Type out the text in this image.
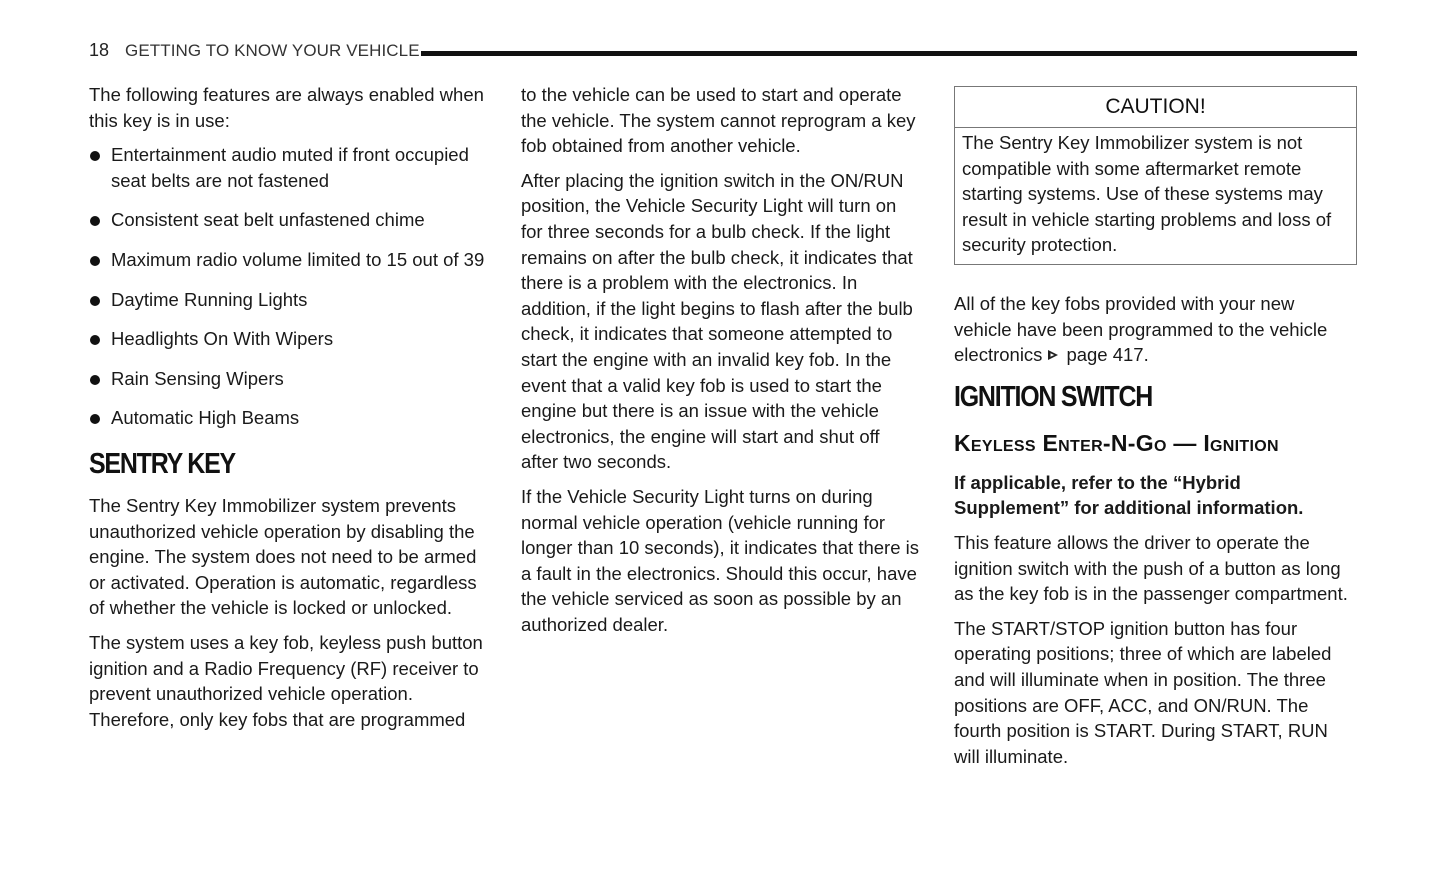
18 GETTING TO KNOW YOUR VEHICLE

The following features are always enabled when this key is in use:

Entertainment audio muted if front occupied seat belts are not fastened
Consistent seat belt unfastened chime
Maximum radio volume limited to 15 out of 39
Daytime Running Lights
Headlights On With Wipers
Rain Sensing Wipers
Automatic High Beams
SENTRY KEY

The Sentry Key Immobilizer system prevents unauthorized vehicle operation by disabling the engine. The system does not need to be armed or activated. Operation is automatic, regardless of whether the vehicle is locked or unlocked.

The system uses a key fob, keyless push button ignition and a Radio Frequency (RF) receiver to prevent unauthorized vehicle operation. Therefore, only key fobs that are programmed

to the vehicle can be used to start and operate the vehicle. The system cannot reprogram a key fob obtained from another vehicle.

After placing the ignition switch in the ON/RUN position, the Vehicle Security Light will turn on for three seconds for a bulb check. If the light remains on after the bulb check, it indicates that there is a problem with the electronics. In addition, if the light begins to flash after the bulb check, it indicates that someone attempted to start the engine with an invalid key fob. In the event that a valid key fob is used to start the engine but there is an issue with the vehicle electronics, the engine will start and shut off after two seconds.

If the Vehicle Security Light turns on during normal vehicle operation (vehicle running for longer than 10 seconds), it indicates that there is a fault in the electronics. Should this occur, have the vehicle serviced as soon as possible by an authorized dealer.

CAUTION!
The Sentry Key Immobilizer system is not compatible with some aftermarket remote starting systems. Use of these systems may result in vehicle starting problems and loss of security protection.

All of the key fobs provided with your new vehicle have been programmed to the vehicle electronics page 417.

IGNITION SWITCH
Keyless Enter-N-Go — Ignition

If applicable, refer to the “Hybrid Supplement” for additional information.

This feature allows the driver to operate the ignition switch with the push of a button as long as the key fob is in the passenger compartment.

The START/STOP ignition button has four operating positions; three of which are labeled and will illuminate when in position. The three positions are OFF, ACC, and ON/RUN. The fourth position is START. During START, RUN will illuminate.
